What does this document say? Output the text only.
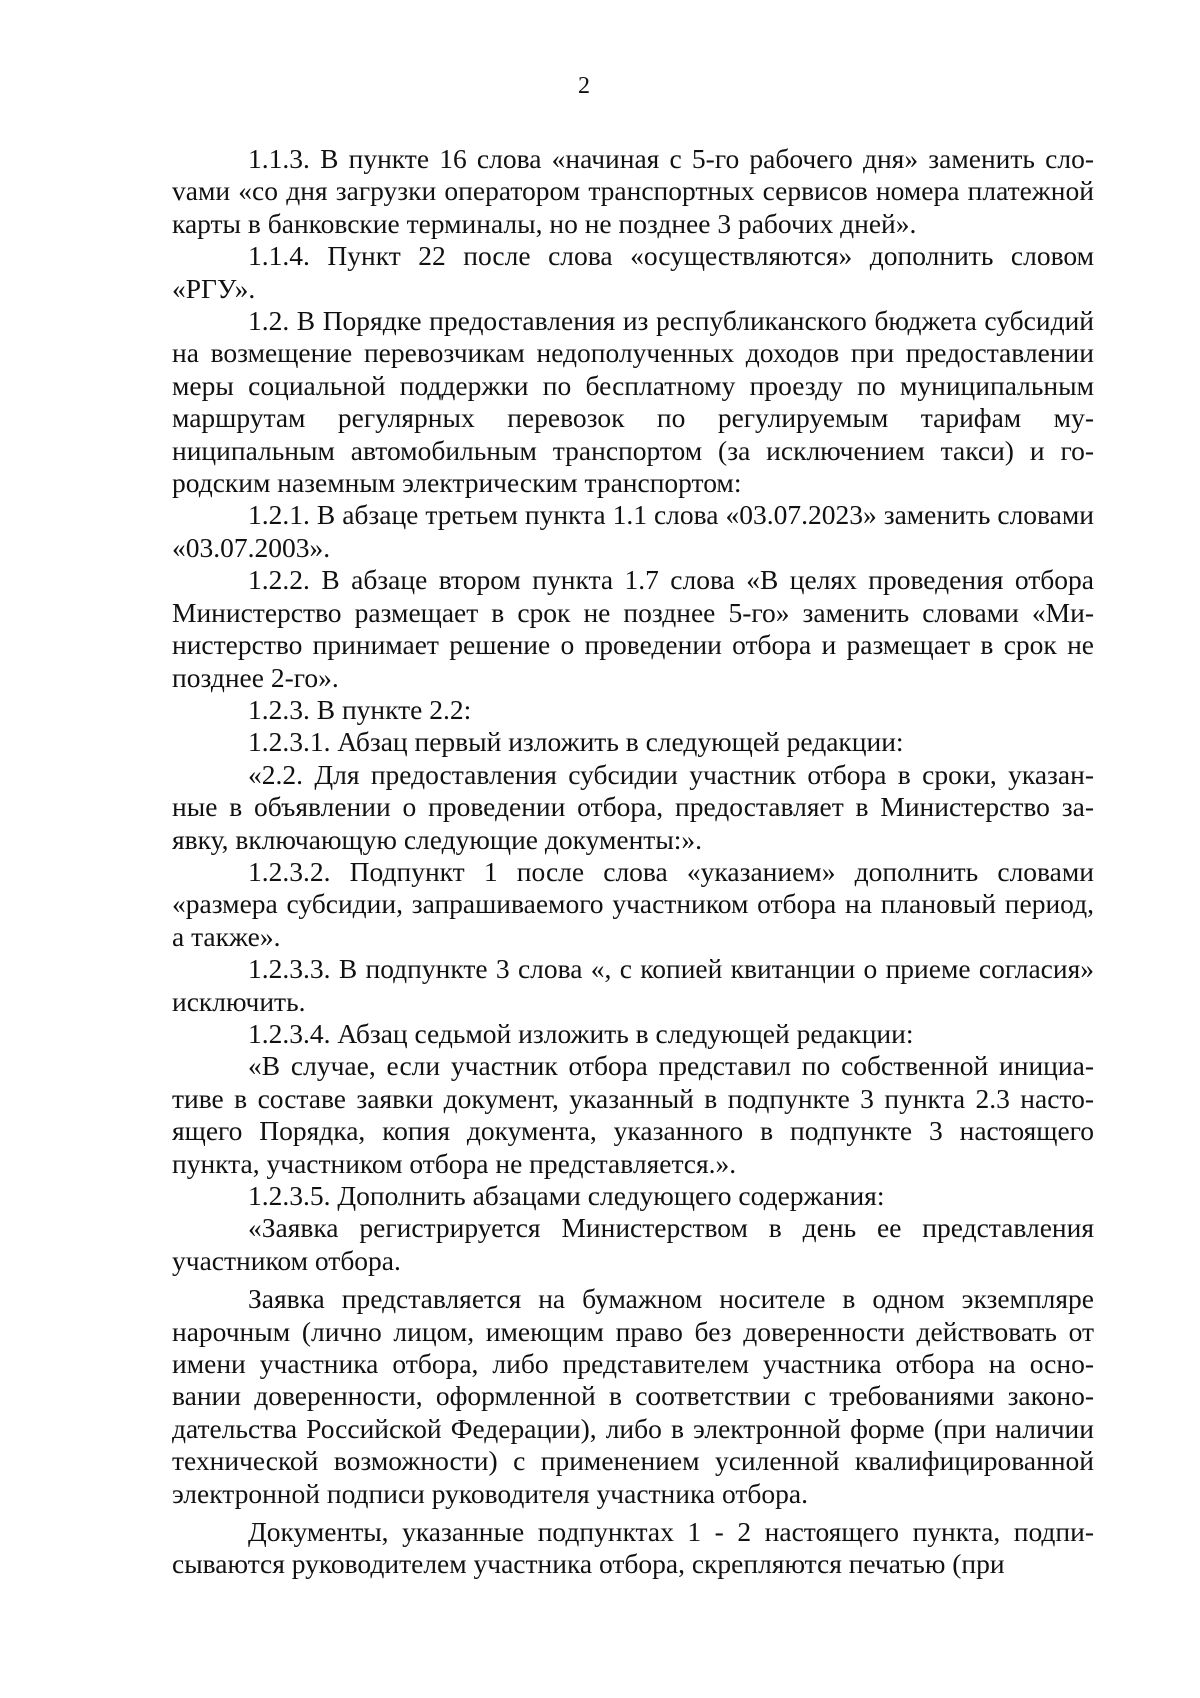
2

1.1.3. В пункте 16 слова «начиная с 5-го рабочего дня» заменить слоvами «со дня загрузки оператором транспортных сервисов номера платежной карты в банковские терминалы, но не позднее 3 рабочих дней».

1.1.4. Пункт 22 после слова «осуществляются» дополнить словом «РГУ».

1.2. В Порядке предоставления из республиканского бюджета субсидий на возмещение перевозчикам недополученных доходов при предоставлении меры социальной поддержки по бесплатному проезду по муниципальным маршрутам регулярных перевозок по регулируемым тарифам муниципальным автомобильным транспортом (за исключением такси) и городским наземным электрическим транспортом:

1.2.1. В абзаце третьем пункта 1.1 слова «03.07.2023» заменить словами «03.07.2003».

1.2.2. В абзаце втором пункта 1.7 слова «В целях проведения отбора Министерство размещает в срок не позднее 5-го» заменить словами «Министерство принимает решение о проведении отбора и размещает в срок не позднее 2-го».

1.2.3. В пункте 2.2:

1.2.3.1. Абзац первый изложить в следующей редакции:

«2.2. Для предоставления субсидии участник отбора в сроки, указанные в объявлении о проведении отбора, предоставляет в Министерство заявку, включающую следующие документы:».

1.2.3.2. Подпункт 1 после слова «указанием» дополнить словами «размера субсидии, запрашиваемого участником отбора на плановый период, а также».

1.2.3.3. В подпункте 3 слова «, с копией квитанции о приеме согласия» исключить.

1.2.3.4. Абзац седьмой изложить в следующей редакции:

«В случае, если участник отбора представил по собственной инициативе в составе заявки документ, указанный в подпункте 3 пункта 2.3 настоящего Порядка, копия документа, указанного в подпункте 3 настоящего пункта, участником отбора не представляется.».

1.2.3.5. Дополнить абзацами следующего содержания:

«Заявка регистрируется Министерством в день ее представления участником отбора.

Заявка представляется на бумажном носителе в одном экземпляре нарочным (лично лицом, имеющим право без доверенности действовать от имени участника отбора, либо представителем участника отбора на основании доверенности, оформленной в соответствии с требованиями законодательства Российской Федерации), либо в электронной форме (при наличии технической возможности) с применением усиленной квалифицированной электронной подписи руководителя участника отбора.

Документы, указанные подпунктах 1 - 2 настоящего пункта, подписываются руководителем участника отбора, скрепляются печатью (при
